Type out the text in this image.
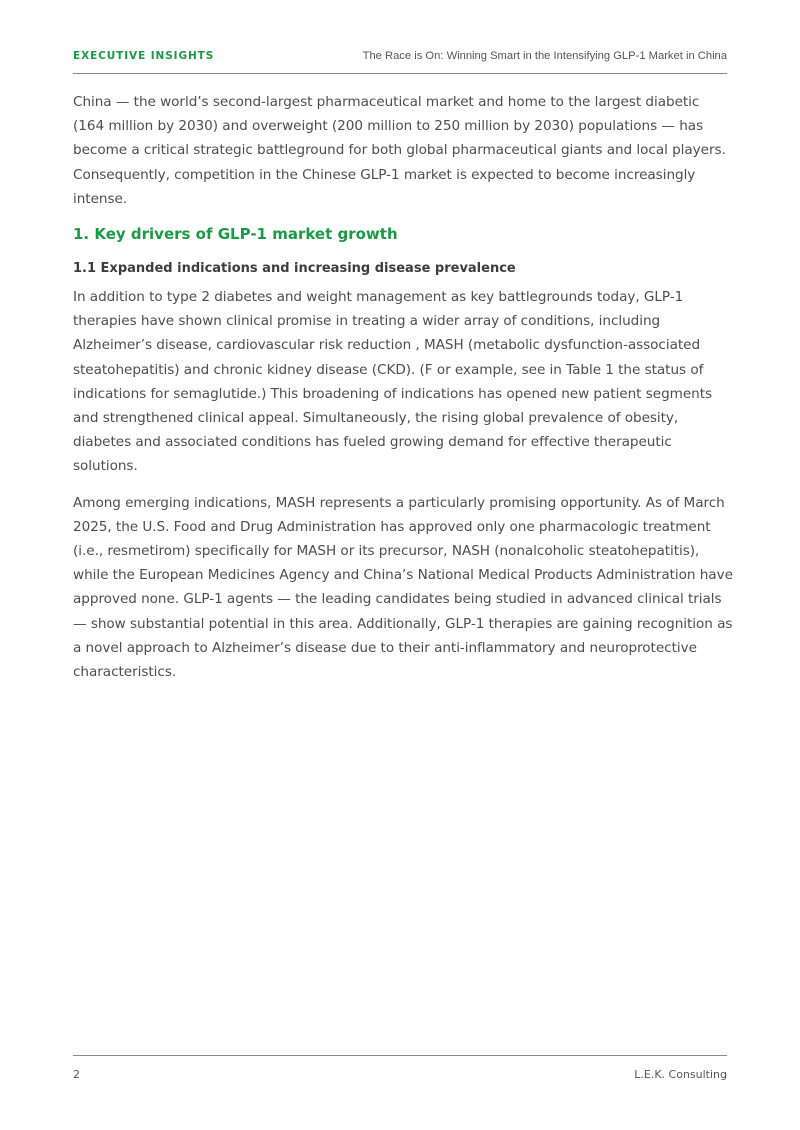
EXECUTIVE INSIGHTS	The Race is On: Winning Smart in the Intensifying GLP-1 Market in China

China — the world’s second-largest pharmaceutical market and home to the largest diabetic (164 million by 2030) and overweight (200 million to 250 million by 2030) populations — has become a critical strategic battleground for both global pharmaceutical giants and local players. Consequently, competition in the Chinese GLP-1 market is expected to become increasingly intense.

1. Key drivers of GLP-1 market growth
1.1 Expanded indications and increasing disease prevalence

In addition to type 2 diabetes and weight management as key battlegrounds today, GLP-1 therapies have shown clinical promise in treating a wider array of conditions, including Alzheimer’s disease, cardiovascular risk reduction , MASH (metabolic dysfunction-associated steatohepatitis) and chronic kidney disease (CKD). (F or example, see in Table 1 the status of indications for semaglutide.) This broadening of indications has opened new patient segments and strengthened clinical appeal. Simultaneously, the rising global prevalence of obesity, diabetes and associated conditions has fueled growing demand for effective therapeutic solutions.

Among emerging indications, MASH represents a particularly promising opportunity. As of March 2025, the U.S. Food and Drug Administration has approved only one pharmacologic treatment (i.e., resmetirom) specifically for MASH or its precursor, NASH (nonalcoholic steatohepatitis), while the European Medicines Agency and China’s National Medical Products Administration have approved none. GLP-1 agents — the leading candidates being studied in advanced clinical trials — show substantial potential in this area. Additionally, GLP-1 therapies are gaining recognition as a novel approach to Alzheimer’s disease due to their anti-inflammatory and neuroprotective characteristics.

2	L.E.K. Consulting
